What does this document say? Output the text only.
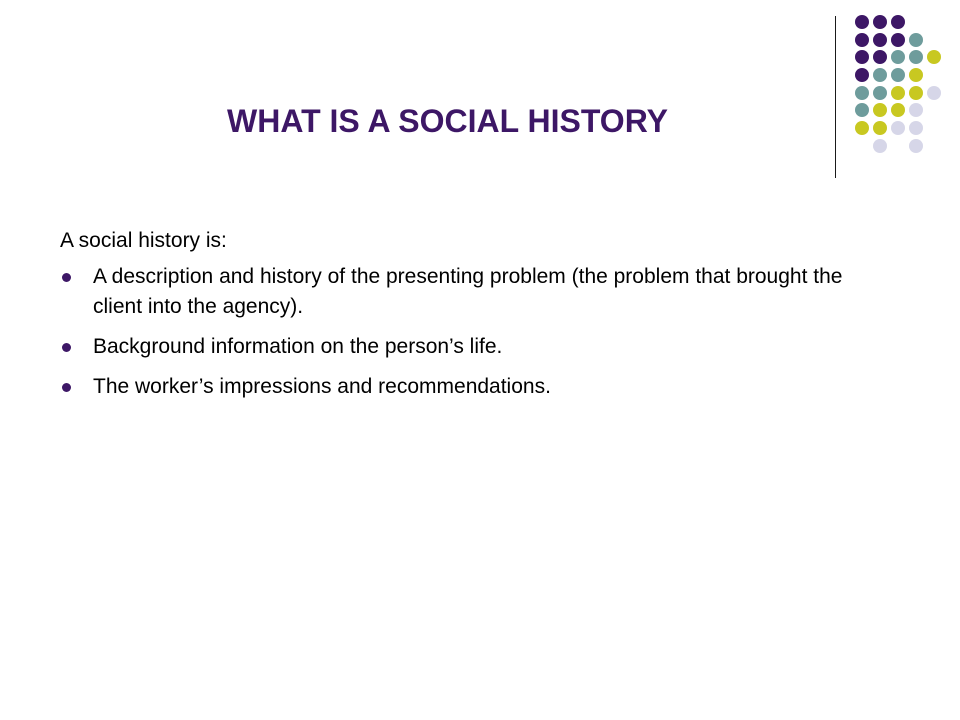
WHAT IS A SOCIAL HISTORY

A social history is:

A description and history of the presenting problem (the problem that brought the client into the agency).
Background information on the person’s life.
The worker’s impressions and recommendations.
